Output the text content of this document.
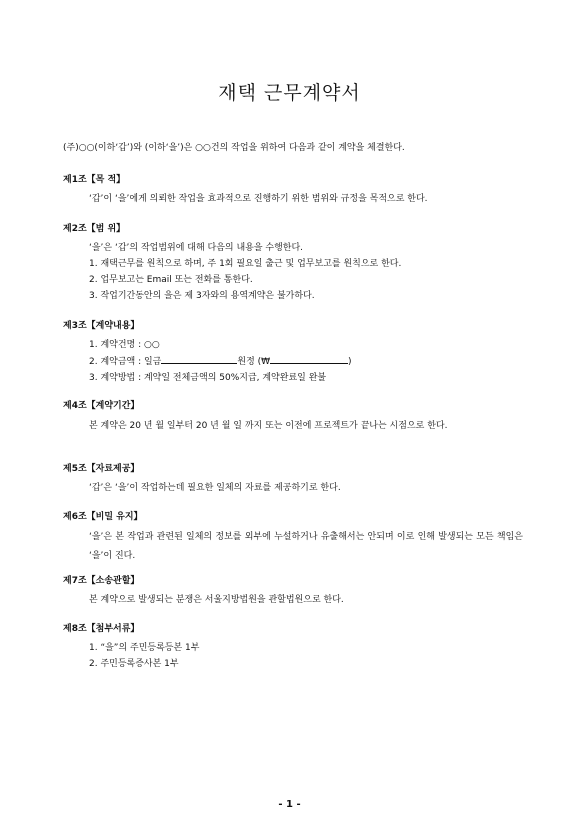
재택 근무계약서
(주)○○(이하‘갑’)와 (이하‘을’)은 ○○건의 작업을 위하여 다음과 같이 계약을 체결한다.
제1조【목 적】
‘갑’이 ‘을’에게 의뢰한 작업을 효과적으로 진행하기 위한 범위와 규정을 목적으로 한다.
제2조【범 위】
‘을’은 ‘갑’의 작업범위에 대해 다음의 내용을 수행한다.
1. 재택근무를 원칙으로 하며, 주 1회 필요일 출근 및 업무보고를 원칙으로 한다.
2. 업무보고는 Email 또는 전화를 통한다.
3. 작업기간동안의 을은 제 3자와의 용역계약은 불가하다.
제3조【계약내용】
1. 계약건명 : ○○
2. 계약금액 : 일금	원정 (₩	)
3. 계약방법 : 계약일 전체금액의 50%지급, 계약완료일 완불
제4조【계약기간】
본 계약은 20 년 월 일부터 20 년 월 일 까지 또는 이전에 프로젝트가 끝나는 시점으로 한다.
제5조【자료제공】
‘갑’은 ‘을’이 작업하는데 필요한 일체의 자료를 제공하기로 한다.
제6조【비밀 유지】
‘을’은 본 작업과 관련된 일체의 정보를 외부에 누설하거나 유출해서는 안되며 이로 인해 발생되는 모든 책임은 ‘을’이 진다.
제7조【소송관할】
본 계약으로 발생되는 분쟁은 서울지방법원을 관할법원으로 한다.
제8조【첨부서류】
1. “을”의 주민등록등본 1부
2. 주민등록증사본 1부
- 1 -
